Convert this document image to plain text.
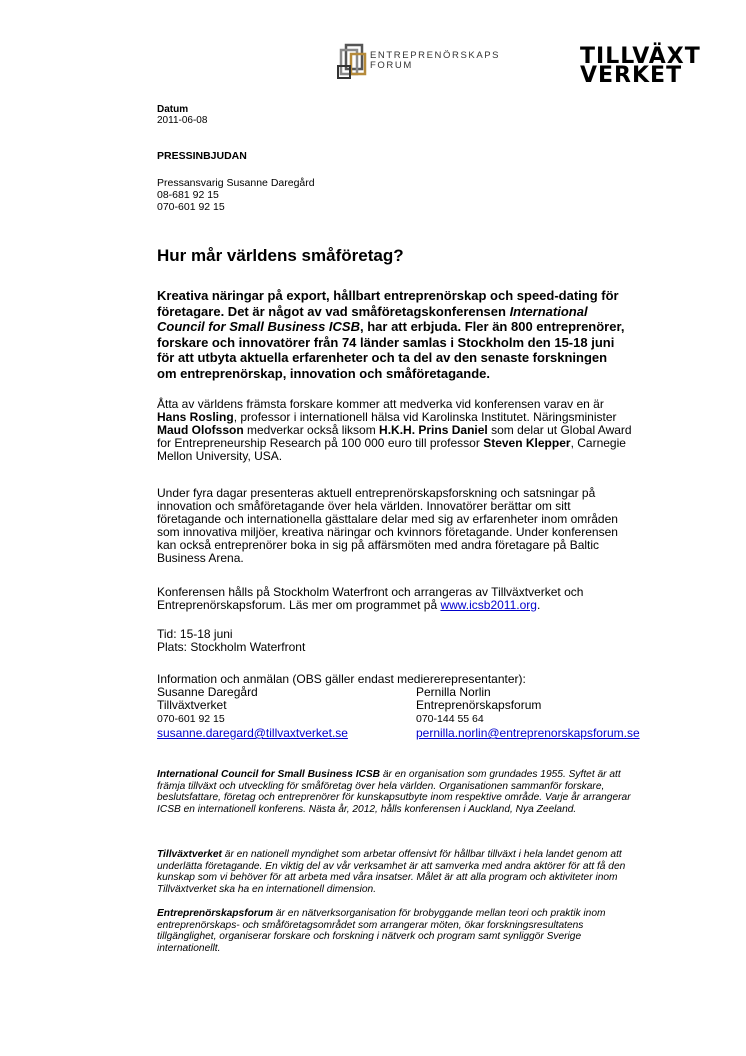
ENTREPRENÖRSKAPS
FORUM	TILLVÄXT
VERKET
Datum
2011-06-08
PRESSINBJUDAN
Pressansvarig Susanne Daregård
08-681 92 15
070-601 92 15
Hur mår världens småföretag?

Kreativa näringar på export, hållbart entreprenörskap och speed-dating för företagare. Det är något av vad småföretagskonferensen International Council for Small Business ICSB, har att erbjuda. Fler än 800 entreprenörer, forskare och innovatörer från 74 länder samlas i Stockholm den 15-18 juni för att utbyta aktuella erfarenheter och ta del av den senaste forskningen om entreprenörskap, innovation och småföretagande.

Åtta av världens främsta forskare kommer att medverka vid konferensen varav en är Hans Rosling, professor i internationell hälsa vid Karolinska Institutet. Näringsminister Maud Olofsson medverkar också liksom H.K.H. Prins Daniel som delar ut Global Award for Entrepreneurship Research på 100 000 euro till professor Steven Klepper, Carnegie Mellon University, USA.

Under fyra dagar presenteras aktuell entreprenörskapsforskning och satsningar på innovation och småföretagande över hela världen. Innovatörer berättar om sitt företagande och internationella gästtalare delar med sig av erfarenheter inom områden som innovativa miljöer, kreativa näringar och kvinnors företagande. Under konferensen kan också entreprenörer boka in sig på affärsmöten med andra företagare på Baltic Business Arena.

Konferensen hålls på Stockholm Waterfront och arrangeras av Tillväxtverket och Entreprenörskapsforum. Läs mer om programmet på www.icsb2011.org.

Tid: 15-18 juni
Plats: Stockholm Waterfront
Information och anmälan (OBS gäller endast mediererepresentanter):
Susanne Daregård
Tillväxtverket
070-601 92 15
susanne.daregard@tillvaxtverket.se
Pernilla Norlin
Entreprenörskapsforum
070-144 55 64
pernilla.norlin@entreprenorskapsforum.se

International Council for Small Business ICSB är en organisation som grundades 1955. Syftet är att främja tillväxt och utveckling för småföretag över hela världen. Organisationen sammanför forskare, beslutsfattare, företag och entreprenörer för kunskapsutbyte inom respektive område. Varje år arrangerar ICSB en internationell konferens. Nästa år, 2012, hålls konferensen i Auckland, Nya Zeeland.

Tillväxtverket är en nationell myndighet som arbetar offensivt för hållbar tillväxt i hela landet genom att underlätta företagande. En viktig del av vår verksamhet är att samverka med andra aktörer för att få den kunskap som vi behöver för att arbeta med våra insatser. Målet är att alla program och aktiviteter inom Tillväxtverket ska ha en internationell dimension.

Entreprenörskapsforum är en nätverksorganisation för brobyggande mellan teori och praktik inom entreprenörskaps- och småföretagsområdet som arrangerar möten, ökar forskningsresultatens tillgänglighet, organiserar forskare och forskning i nätverk och program samt synliggör Sverige internationellt.
